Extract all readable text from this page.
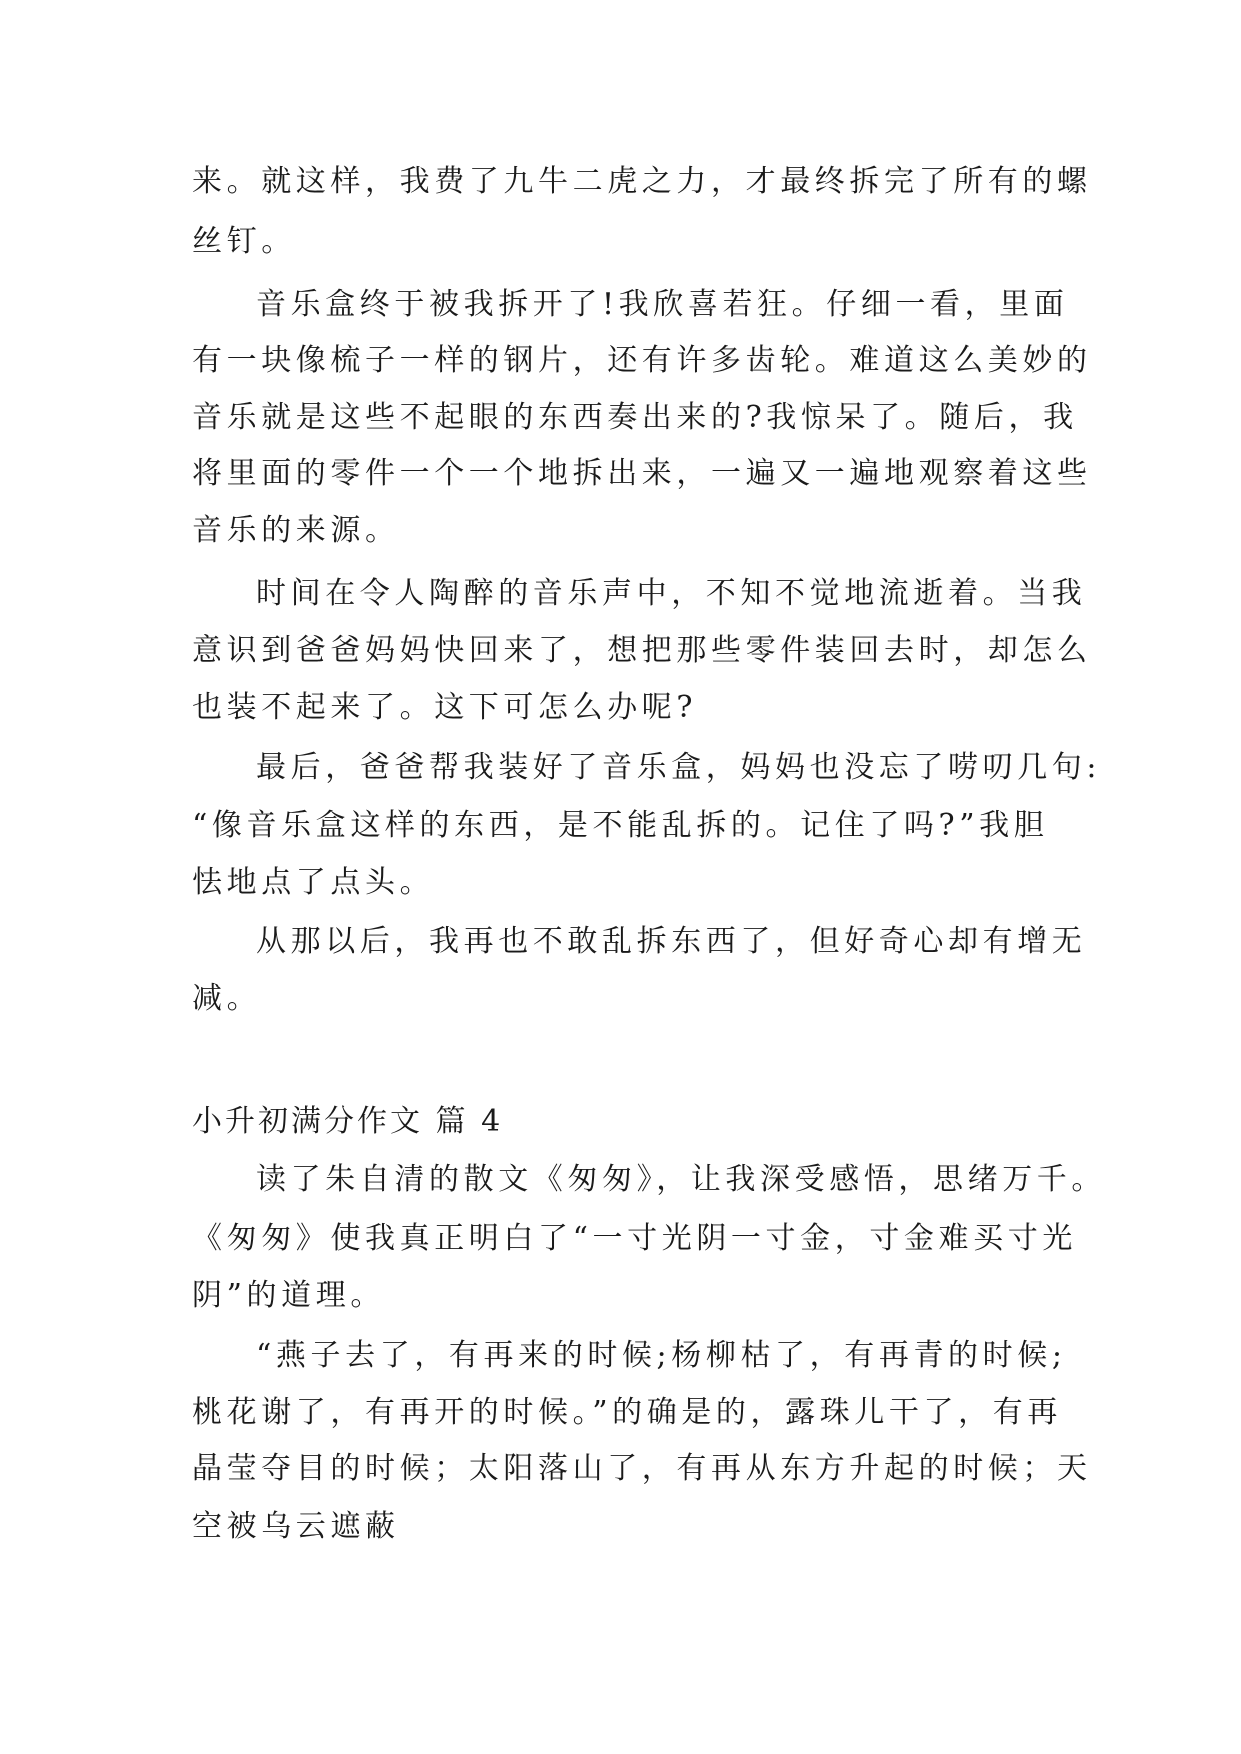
来。就这样，我费了九牛二虎之力，才最终拆完了所有的螺
丝钉。
音乐盒终于被我拆开了!我欣喜若狂。仔细一看，里面
有一块像梳子一样的钢片，还有许多齿轮。难道这么美妙的
音乐就是这些不起眼的东西奏出来的?我惊呆了。随后，我
将里面的零件一个一个地拆出来，一遍又一遍地观察着这些
音乐的来源。
时间在令人陶醉的音乐声中，不知不觉地流逝着。当我
意识到爸爸妈妈快回来了，想把那些零件装回去时，却怎么
也装不起来了。这下可怎么办呢?
最后，爸爸帮我装好了音乐盒，妈妈也没忘了唠叨几句:
“像音乐盒这样的东西，是不能乱拆的。记住了吗?”我胆
怯地点了点头。
从那以后，我再也不敢乱拆东西了，但好奇心却有增无
减。
小升初满分作文 篇 4
读了朱自清的散文《匆匆》，让我深受感悟，思绪万千。
《匆匆》使我真正明白了“一寸光阴一寸金，寸金难买寸光
阴”的道理。
“燕子去了，有再来的时候;杨柳枯了，有再青的时候;
桃花谢了，有再开的时候。”的确是的，露珠儿干了，有再
晶莹夺目的时候；太阳落山了，有再从东方升起的时候；天
空被乌云遮蔽
